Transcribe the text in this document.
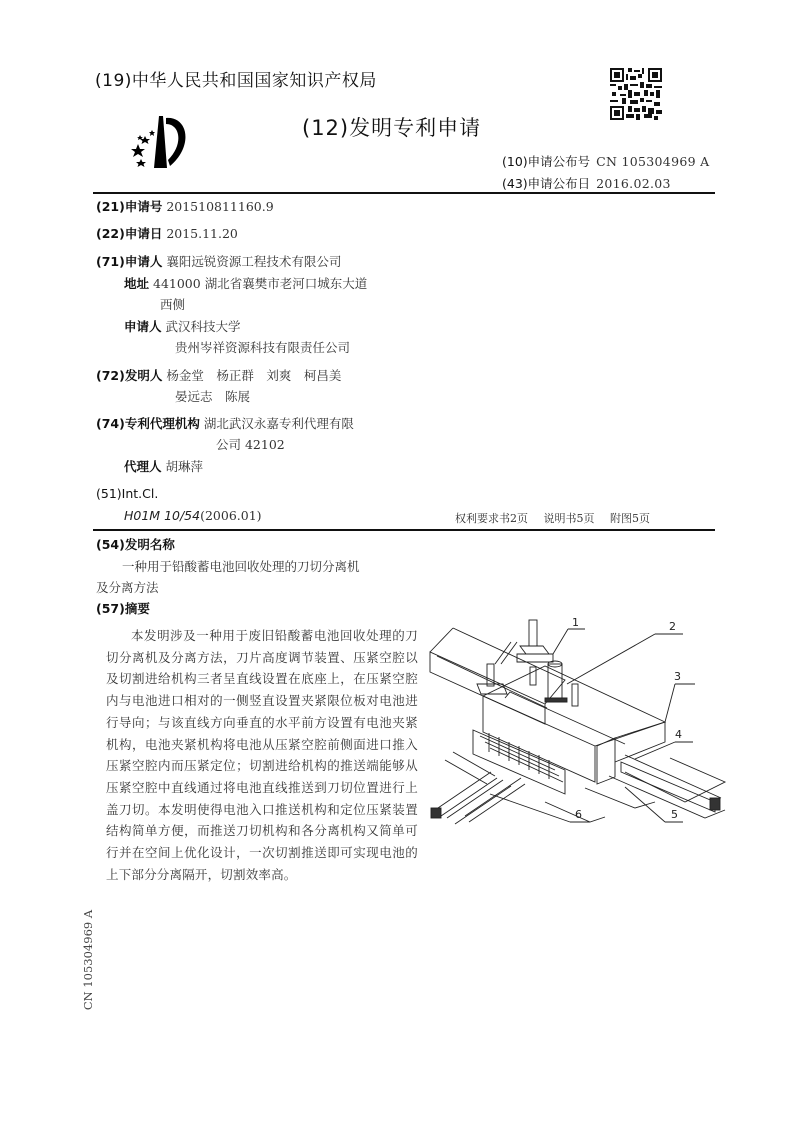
(19)中华人民共和国国家知识产权局
(12)发明专利申请
(10)申请公布号 CN 105304969 A
(43)申请公布日 2016.02.03
(21)申请号 201510811160.9
(22)申请日 2015.11.20
(71)申请人 襄阳远锐资源工程技术有限公司
地址 441000 湖北省襄樊市老河口城东大道
西侧
申请人 武汉科技大学
贵州岑祥资源科技有限责任公司
(72)发明人 杨金堂　杨正群　刘爽　柯昌美
晏远志　陈展
(74)专利代理机构 湖北武汉永嘉专利代理有限
公司 42102
代理人 胡琳萍
(51)Int.Cl.
H01M 10/54(2006.01)	权利要求书2页 说明书5页 附图5页
(54)发明名称
一种用于铅酸蓄电池回收处理的刀切分离机
及分离方法
(57)摘要
本发明涉及一种用于废旧铅酸蓄电池回收处理的刀切分离机及分离方法，刀片高度调节装置、压紧空腔以及切割进给机构三者呈直线设置在底座上，在压紧空腔内与电池进口相对的一侧竖直设置夹紧限位板对电池进行导向；与该直线方向垂直的水平前方设置有电池夹紧机构，电池夹紧机构将电池从压紧空腔前侧面进口推入压紧空腔内而压紧定位；切割进给机构的推送端能够从压紧空腔中直线通过将电池直线推送到刀切位置进行上盖刀切。本发明使得电池入口推送机构和定位压紧装置结构简单方便，而推送刀切机构和各分离机构又简单可行并在空间上优化设计，一次切割推送即可实现电池的上下部分分离隔开，切割效率高。
CN 105304969 A
1	2
3
4
5
6
